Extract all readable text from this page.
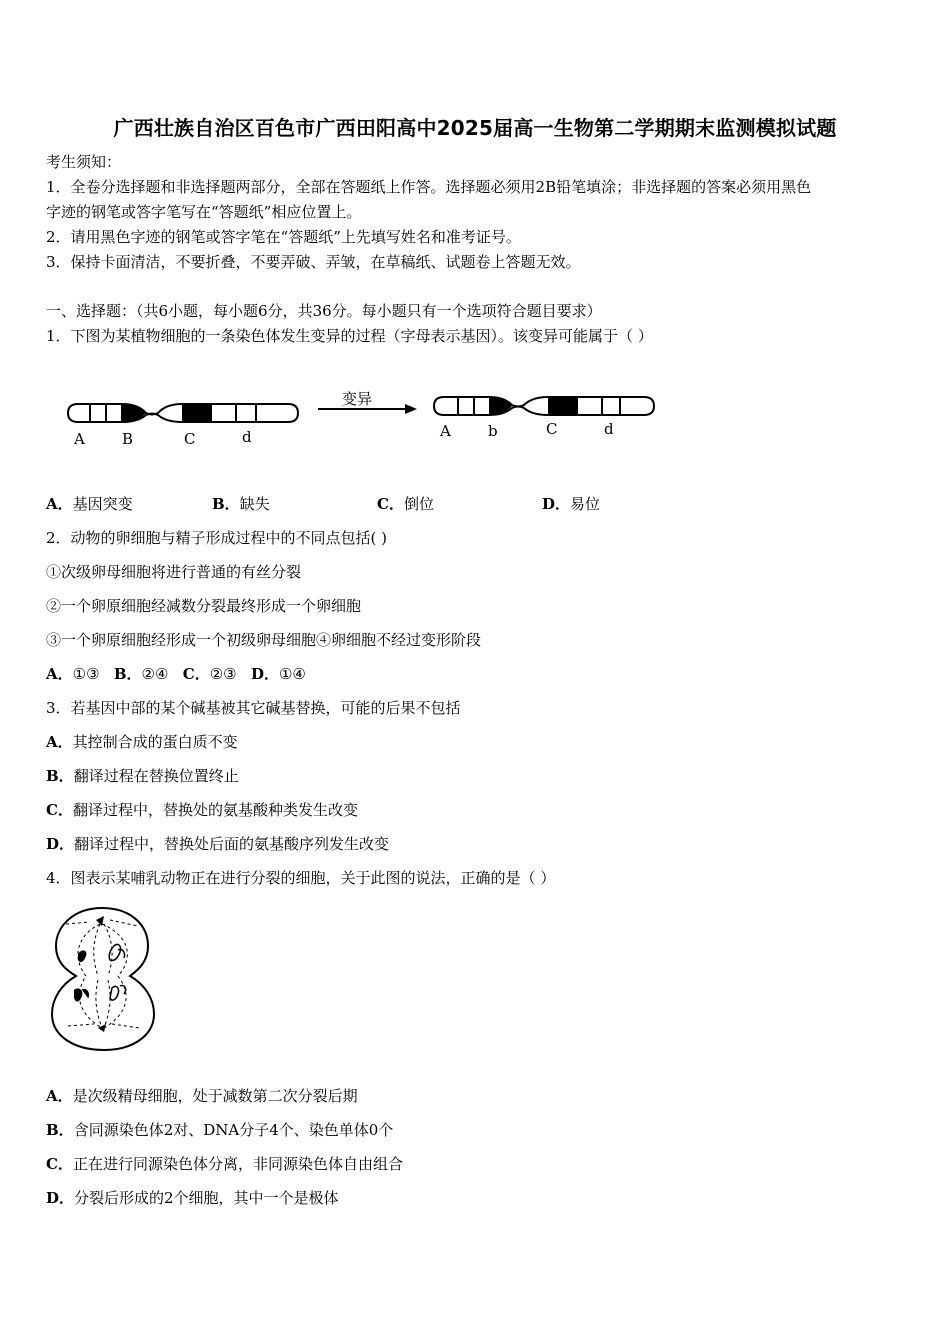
广西壮族自治区百色市广西田阳高中2025届高一生物第二学期期末监测模拟试题
考生须知：
1．全卷分选择题和非选择题两部分，全部在答题纸上作答。选择题必须用2B铅笔填涂；非选择题的答案必须用黑色
字迹的钢笔或答字笔写在“答题纸”相应位置上。
2．请用黑色字迹的钢笔或答字笔在“答题纸”上先填写姓名和准考证号。
3．保持卡面清洁，不要折叠，不要弄破、弄皱，在草稿纸、试题卷上答题无效。
一、选择题：（共6小题，每小题6分，共36分。每小题只有一个选项符合题目要求）
1．下图为某植物细胞的一条染色体发生变异的过程（字母表示基因）。该变异可能属于（ ）
A B	C	d
变异
A b	C	d
A．基因突变	B．缺失	C．倒位	D．易位
2．动物的卵细胞与精子形成过程中的不同点包括( )
①次级卵母细胞将进行普通的有丝分裂
②一个卵原细胞经减数分裂最终形成一个卵细胞
③一个卵原细胞经形成一个初级卵母细胞④卵细胞不经过变形阶段
A．①③ B．②④ C．②③ D．①④
3．若基因中部的某个碱基被其它碱基替换，可能的后果不包括
A．其控制合成的蛋白质不变
B．翻译过程在替换位置终止
C．翻译过程中，替换处的氨基酸种类发生改变
D．翻译过程中，替换处后面的氨基酸序列发生改变
4．图表示某哺乳动物正在进行分裂的细胞，关于此图的说法，正确的是（ ）
A．是次级精母细胞，处于减数第二次分裂后期
B．含同源染色体2对、DNA分子4个、染色单体0个
C．正在进行同源染色体分离，非同源染色体自由组合
D．分裂后形成的2个细胞，其中一个是极体
